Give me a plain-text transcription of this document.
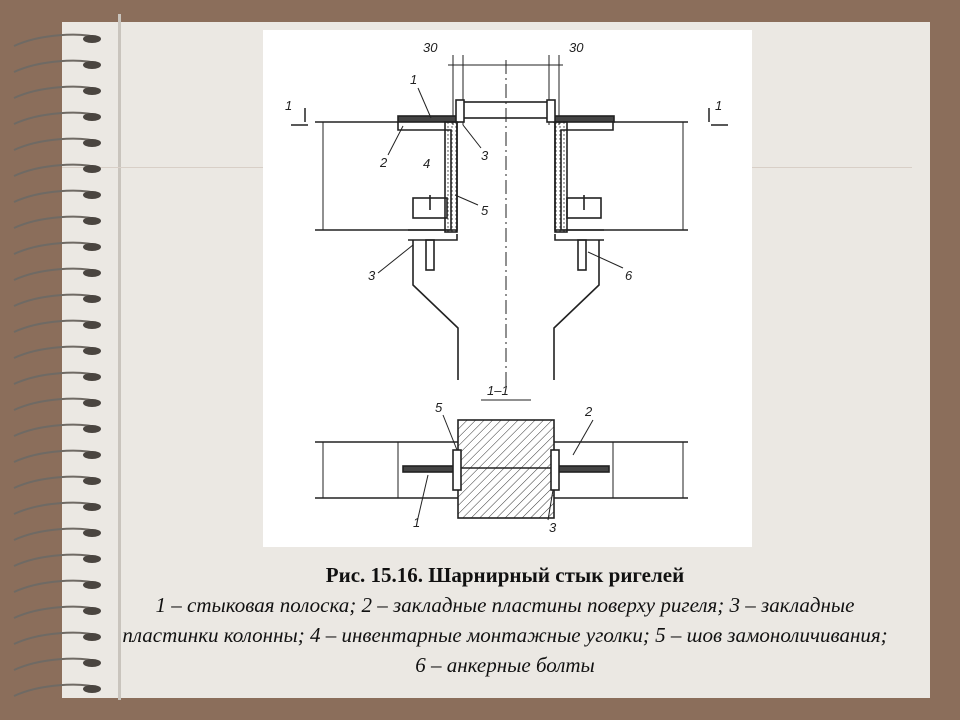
30	30
1	1
1
2	3
4
5
3	6
1–1
5	2
1	3
Рис. 15.16. Шарнирный стык ригелей
1 – стыковая полоска; 2 – закладные пластины поверху ригеля; 3 – закладные пластинки колонны; 4 – инвентарные монтажные уголки; 5 – шов замоноличивания; 6 – анкерные болты
